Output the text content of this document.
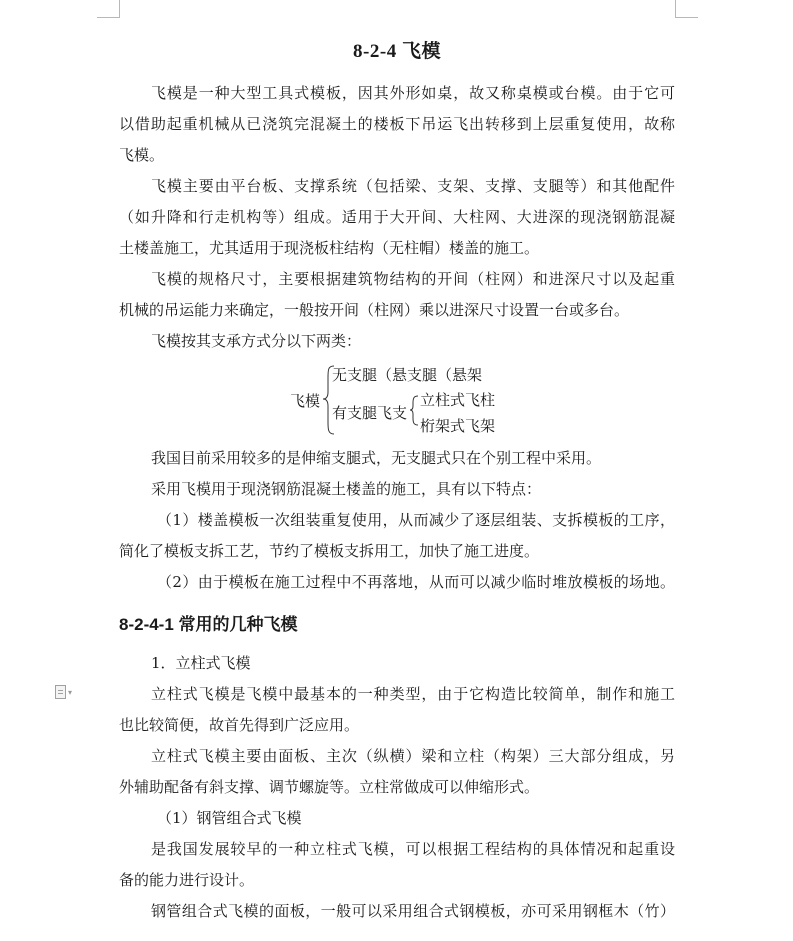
▾
8-2-4 飞模
飞模是一种大型工具式模板，因其外形如桌，故又称桌模或台模。由于它可
以借助起重机械从已浇筑完混凝土的楼板下吊运飞出转移到上层重复使用，故称
飞模。
飞模主要由平台板、支撑系统（包括梁、支架、支撑、支腿等）和其他配件
（如升降和行走机构等）组成。适用于大开间、大柱网、大进深的现浇钢筋混凝
土楼盖施工，尤其适用于现浇板柱结构（无柱帽）楼盖的施工。
飞模的规格尺寸，主要根据建筑物结构的开间（柱网）和进深尺寸以及起重
机械的吊运能力来确定，一般按开间（柱网）乘以进深尺寸设置一台或多台。
飞模按其支承方式分以下两类：
飞模
无支腿（悬支腿（悬架
有支腿飞支
立柱式飞柱
桁架式飞架
我国目前采用较多的是伸缩支腿式，无支腿式只在个别工程中采用。
采用飞模用于现浇钢筋混凝土楼盖的施工，具有以下特点：
（1）楼盖模板一次组装重复使用，从而减少了逐层组装、支拆模板的工序，
简化了模板支拆工艺，节约了模板支拆用工，加快了施工进度。
（2）由于模板在施工过程中不再落地，从而可以减少临时堆放模板的场地。
8-2-4-1 常用的几种飞模
1．立柱式飞模
立柱式飞模是飞模中最基本的一种类型，由于它构造比较简单，制作和施工
也比较简便，故首先得到广泛应用。
立柱式飞模主要由面板、主次（纵横）梁和立柱（构架）三大部分组成，另
外辅助配备有斜支撑、调节螺旋等。立柱常做成可以伸缩形式。
（1）钢管组合式飞模
是我国发展较早的一种立柱式飞模，可以根据工程结构的具体情况和起重设
备的能力进行设计。
钢管组合式飞模的面板，一般可以采用组合式钢模板，亦可采用钢框木（竹）
